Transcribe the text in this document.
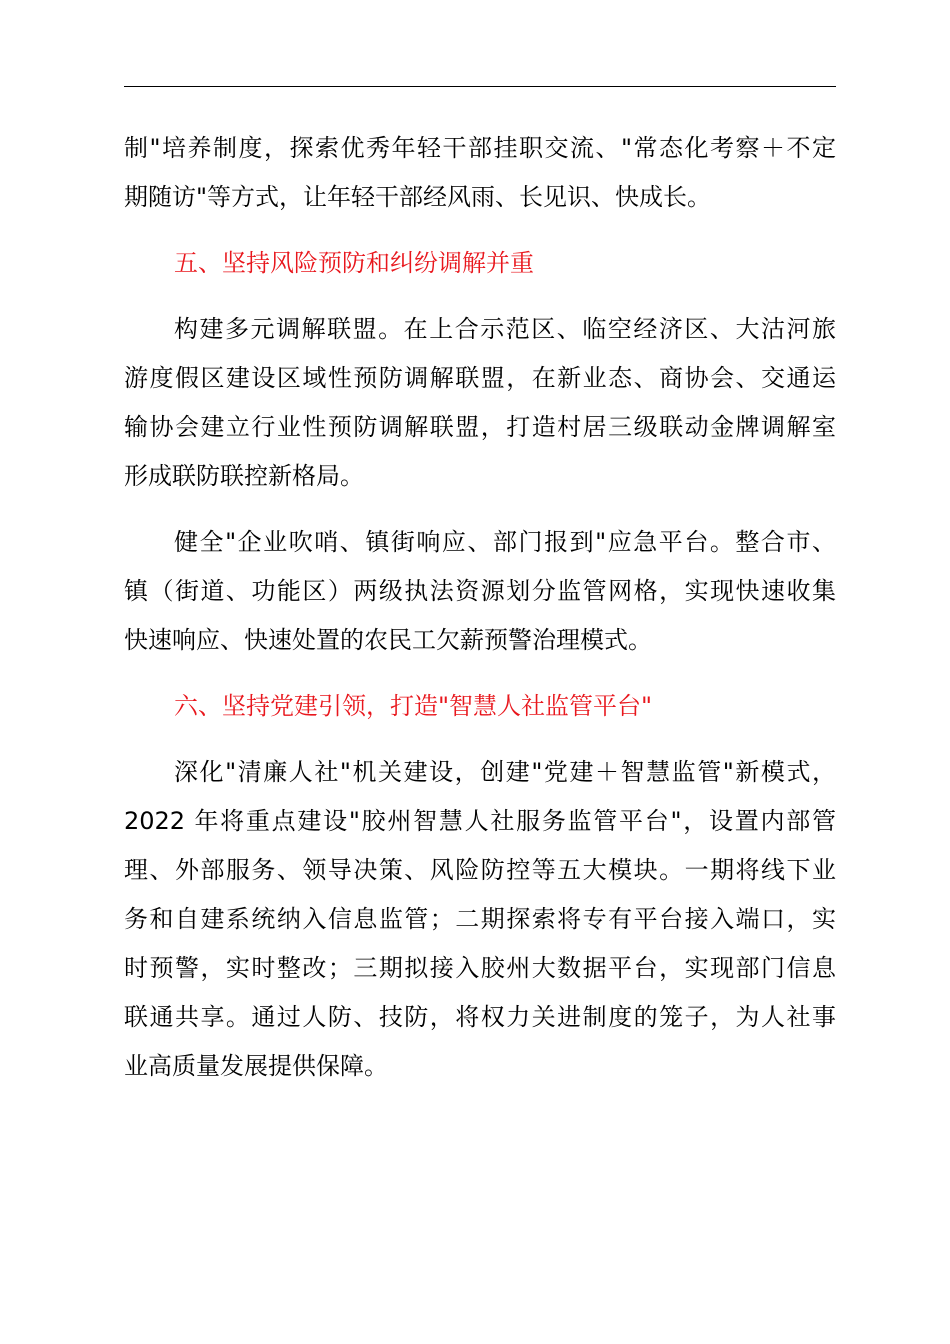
制"培养制度，探索优秀年轻干部挂职交流、"常态化考察＋不定
期随访"等方式，让年轻干部经风雨、长见识、快成长。
五、坚持风险预防和纠纷调解并重
构建多元调解联盟。在上合示范区、临空经济区、大沽河旅
游度假区建设区域性预防调解联盟，在新业态、商协会、交通运
输协会建立行业性预防调解联盟，打造村居三级联动金牌调解室
形成联防联控新格局。
健全"企业吹哨、镇街响应、部门报到"应急平台。整合市、
镇（街道、功能区）两级执法资源划分监管网格，实现快速收集
快速响应、快速处置的农民工欠薪预警治理模式。
六、坚持党建引领，打造"智慧人社监管平台"
深化"清廉人社"机关建设，创建"党建＋智慧监管"新模式，
2022 年将重点建设"胶州智慧人社服务监管平台"，设置内部管
理、外部服务、领导决策、风险防控等五大模块。一期将线下业
务和自建系统纳入信息监管；二期探索将专有平台接入端口，实
时预警，实时整改；三期拟接入胶州大数据平台，实现部门信息
联通共享。通过人防、技防，将权力关进制度的笼子，为人社事
业高质量发展提供保障。
